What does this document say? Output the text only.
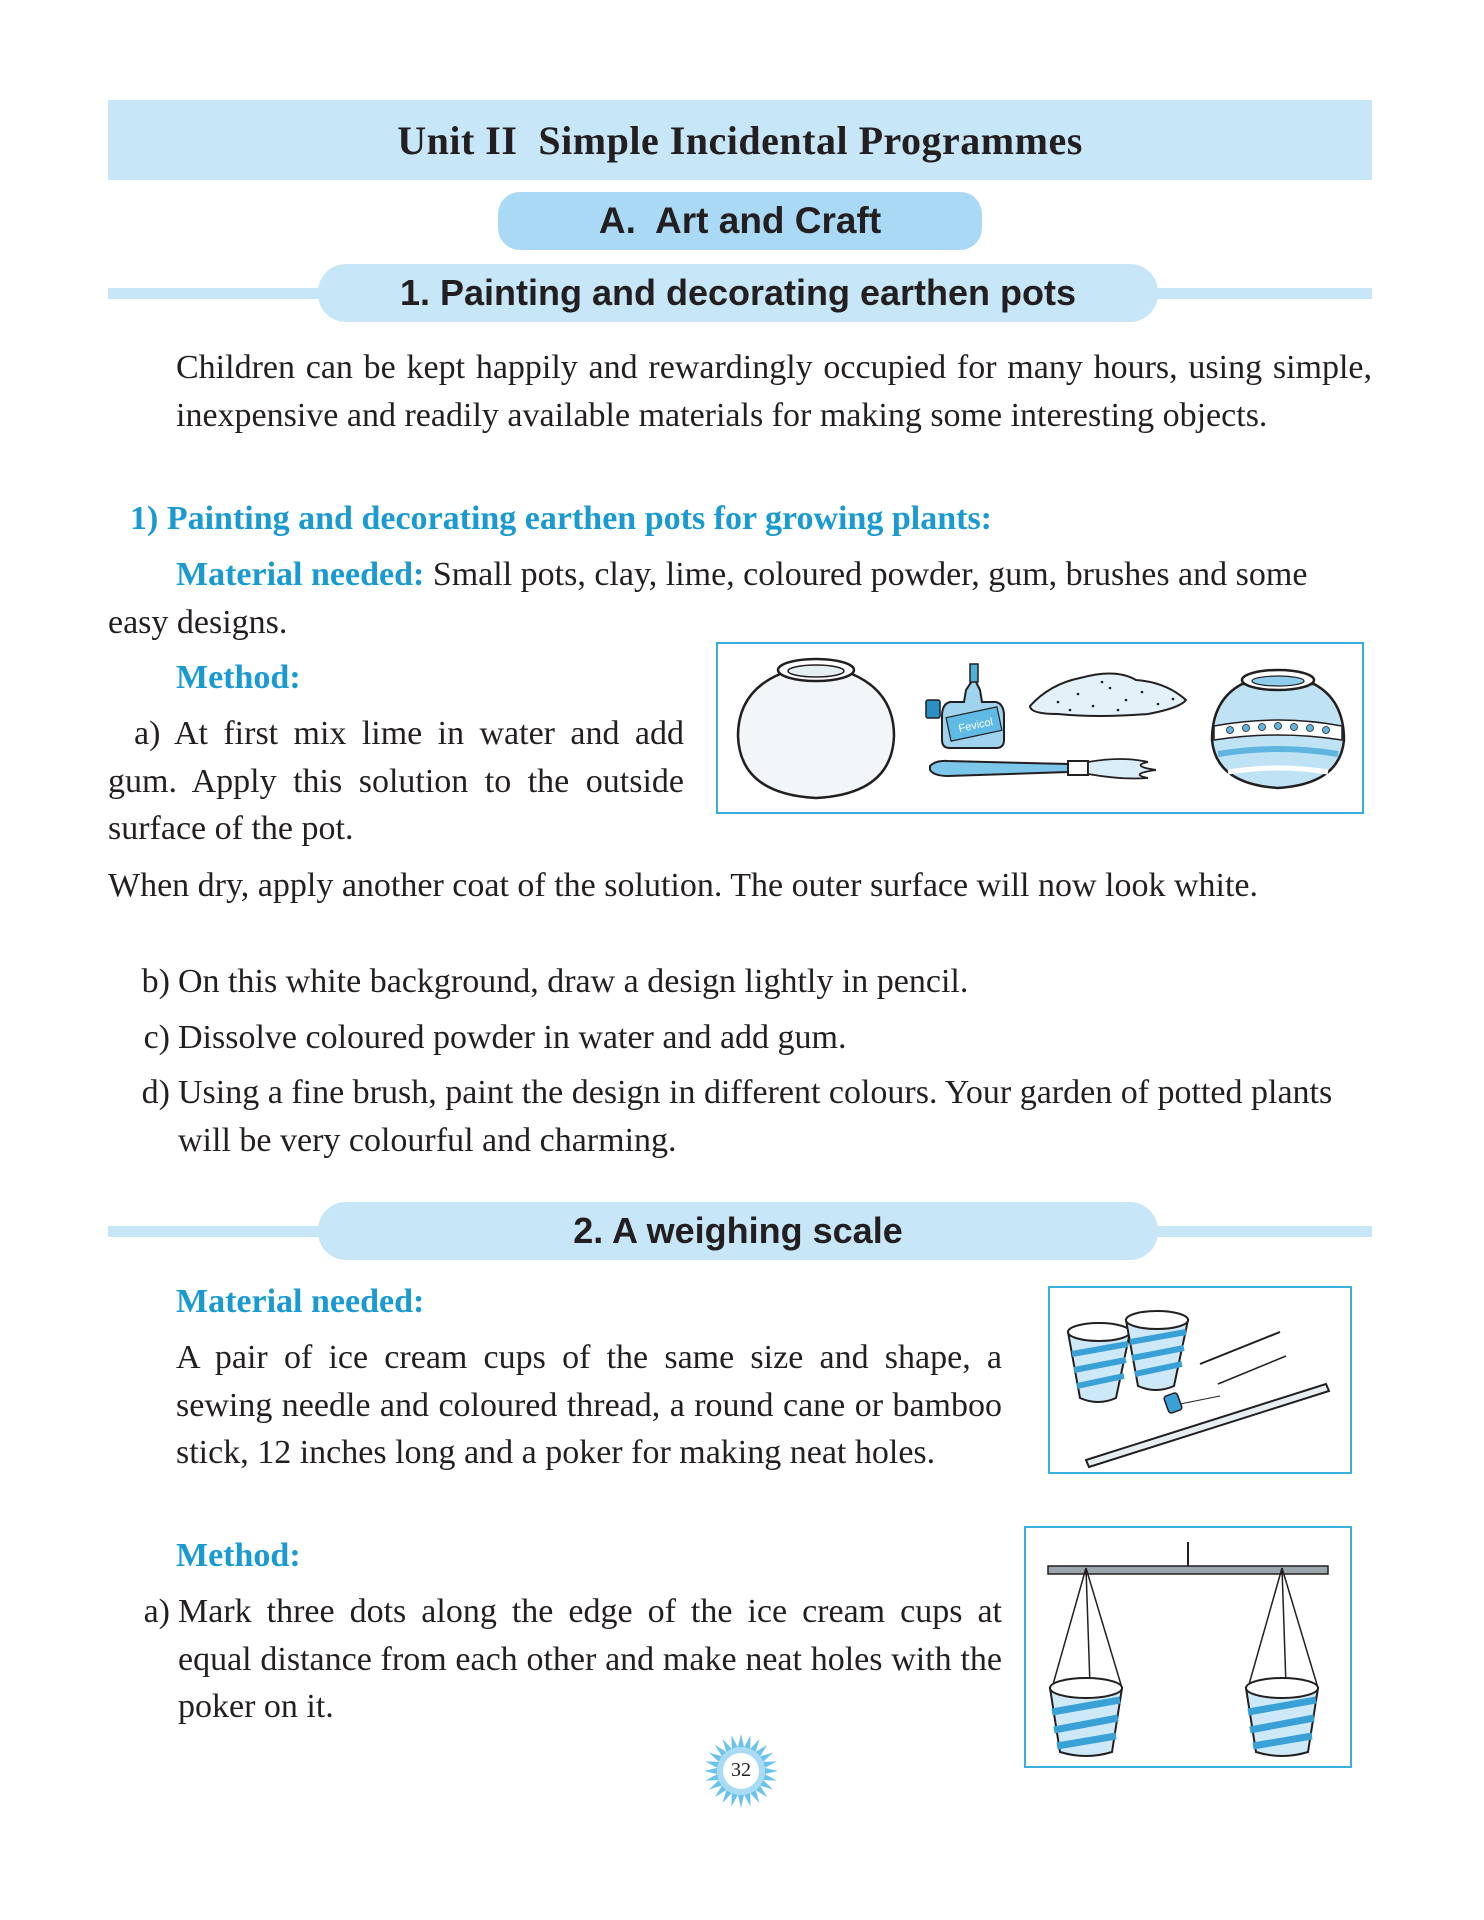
Unit II  Simple Incidental Programmes
A.  Art and Craft
1. Painting and decorating earthen pots
Children can be kept happily and rewardingly occupied for many hours, using simple, inexpensive and readily available materials for making some interesting objects.
1) Painting and decorating earthen pots for growing plants:
Material needed: Small pots, clay, lime, coloured powder, gum, brushes and some easy designs.
Method:
a) At first mix lime in water and add gum. Apply this solution to the outside surface of the pot.
Fevicol
When dry, apply another coat of the solution. The outer surface will now look white.
b) On this white background, draw a design lightly in pencil.
c) Dissolve coloured powder in water and add gum.
d) Using a fine brush, paint the design in different colours. Your garden of potted plants will be very colourful and charming.
2. A weighing scale
Material needed:
A pair of ice cream cups of the same size and shape, a sewing needle and coloured thread, a round cane or bamboo stick, 12 inches long and a poker for making neat holes.
Method:
a) Mark three dots along the edge of the ice cream cups at equal distance from each other and make neat holes with the poker on it.
32
